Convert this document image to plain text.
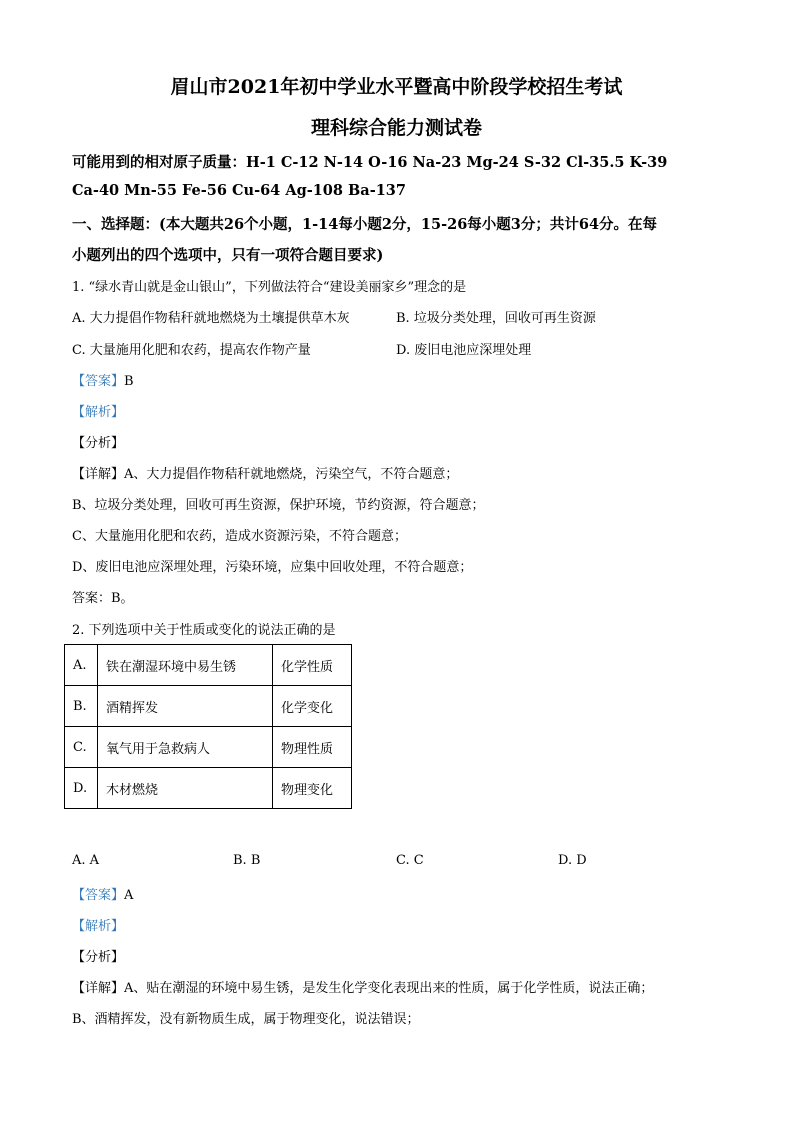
眉山市2021年初中学业水平暨高中阶段学校招生考试
理科综合能力测试卷
可能用到的相对原子质量：H-1 C-12 N-14 O-16 Na-23 Mg-24 S-32 Cl-35.5 K-39
Ca-40 Mn-55 Fe-56 Cu-64 Ag-108 Ba-137
一、选择题：(本大题共26个小题，1-14每小题2分，15-26每小题3分；共计64分。在每
小题列出的四个选项中，只有一项符合题目要求)
1. “绿水青山就是金山银山”，下列做法符合“建设美丽家乡”理念的是
A. 大力提倡作物秸秆就地燃烧为土壤提供草木灰	B. 垃圾分类处理，回收可再生资源
C. 大量施用化肥和农药，提高农作物产量	D. 废旧电池应深埋处理
【答案】B
【解析】
【分析】
【详解】A、大力提倡作物秸秆就地燃烧，污染空气，不符合题意；
B、垃圾分类处理，回收可再生资源，保护环境，节约资源，符合题意；
C、大量施用化肥和农药，造成水资源污染，不符合题意；
D、废旧电池应深埋处理，污染环境，应集中回收处理，不符合题意；
答案：B。
2. 下列选项中关于性质或变化的说法正确的是
A.	铁在潮湿环境中易生锈	化学性质
B.	酒精挥发	化学变化
C.	氧气用于急救病人	物理性质
D.	木材燃烧	物理变化
A. A	B. B	C. C	D. D
【答案】A
【解析】
【分析】
【详解】A、贴在潮湿的环境中易生锈，是发生化学变化表现出来的性质，属于化学性质，说法正确；
B、酒精挥发，没有新物质生成，属于物理变化，说法错误；
